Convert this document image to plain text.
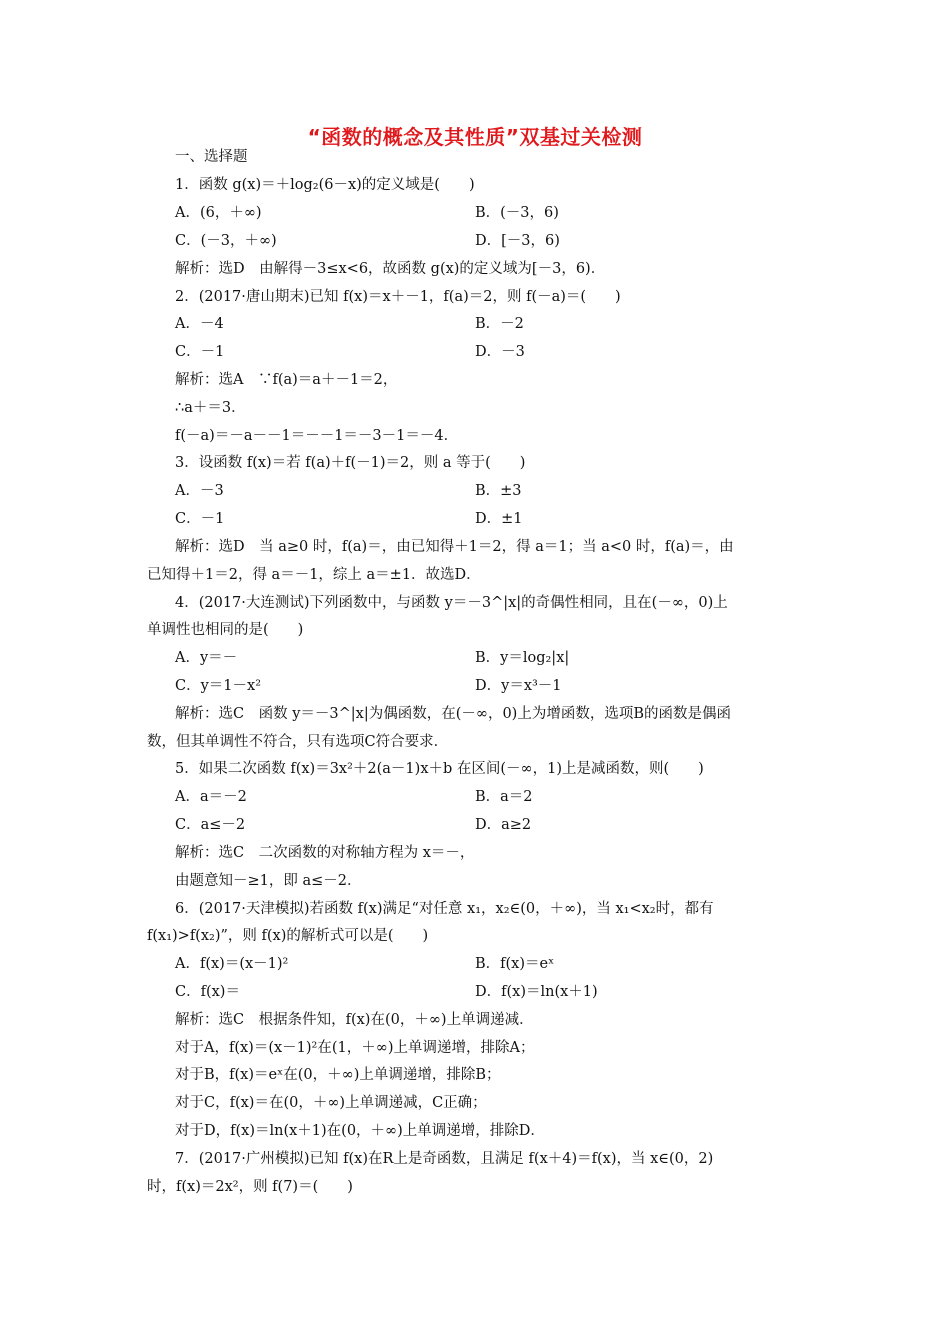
“函数的概念及其性质”双基过关检测
一、选择题
1．函数 g(x)＝＋log₂(6－x)的定义域是(　　)
A．(6，＋∞)	B．(－3，6)
C．(－3，＋∞)	D．[－3，6)
解析：选D　由解得－3≤x<6，故函数 g(x)的定义域为[－3，6)．
2．(2017·唐山期末)已知 f(x)＝x＋－1，f(a)＝2，则 f(－a)＝(　　)
A．－4	B．－2
C．－1	D．－3
解析：选A　∵f(a)＝a＋－1＝2，
∴a＋＝3．
f(－a)＝－a－－1＝－－1＝－3－1＝－4．
3．设函数 f(x)＝若 f(a)＋f(－1)＝2，则 a 等于(　　)
A．－3	B．±3
C．－1	D．±1
解析：选D　当 a≥0 时，f(a)＝，由已知得＋1＝2，得 a＝1；当 a<0 时，f(a)＝，由
已知得＋1＝2，得 a＝－1，综上 a＝±1．故选D．
4．(2017·大连测试)下列函数中，与函数 y＝－3^|x|的奇偶性相同，且在(－∞，0)上
单调性也相同的是(　　)
A．y＝－	B．y＝log₂|x|
C．y＝1－x²	D．y＝x³－1
解析：选C　函数 y＝－3^|x|为偶函数，在(－∞，0)上为增函数，选项B的函数是偶函
数，但其单调性不符合，只有选项C符合要求．
5．如果二次函数 f(x)＝3x²＋2(a－1)x＋b 在区间(－∞，1)上是减函数，则(　　)
A．a＝－2	B．a＝2
C．a≤－2	D．a≥2
解析：选C　二次函数的对称轴方程为 x＝－，
由题意知－≥1，即 a≤－2．
6．(2017·天津模拟)若函数 f(x)满足“对任意 x₁，x₂∈(0，＋∞)，当 x₁<x₂时，都有
f(x₁)>f(x₂)”，则 f(x)的解析式可以是(　　)
A．f(x)＝(x－1)²	B．f(x)＝eˣ
C．f(x)＝	D．f(x)＝ln(x＋1)
解析：选C　根据条件知，f(x)在(0，＋∞)上单调递减．
对于A，f(x)＝(x－1)²在(1，＋∞)上单调递增，排除A；
对于B，f(x)＝eˣ在(0，＋∞)上单调递增，排除B；
对于C，f(x)＝在(0，＋∞)上单调递减，C正确；
对于D，f(x)＝ln(x＋1)在(0，＋∞)上单调递增，排除D．
7．(2017·广州模拟)已知 f(x)在R上是奇函数，且满足 f(x＋4)＝f(x)，当 x∈(0，2)
时，f(x)＝2x²，则 f(7)＝(　　)
